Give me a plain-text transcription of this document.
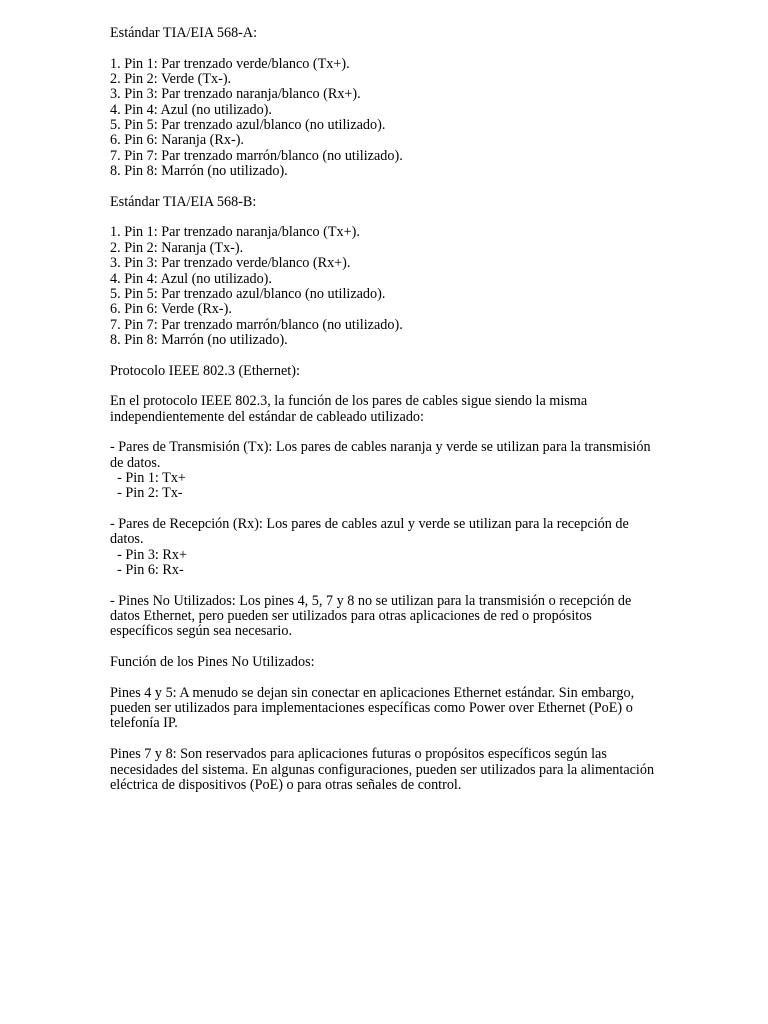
Estándar TIA/EIA 568-A:
1. Pin 1: Par trenzado verde/blanco (Tx+).
2. Pin 2: Verde (Tx-).
3. Pin 3: Par trenzado naranja/blanco (Rx+).
4. Pin 4: Azul (no utilizado).
5. Pin 5: Par trenzado azul/blanco (no utilizado).
6. Pin 6: Naranja (Rx-).
7. Pin 7: Par trenzado marrón/blanco (no utilizado).
8. Pin 8: Marrón (no utilizado).
Estándar TIA/EIA 568-B:
1. Pin 1: Par trenzado naranja/blanco (Tx+).
2. Pin 2: Naranja (Tx-).
3. Pin 3: Par trenzado verde/blanco (Rx+).
4. Pin 4: Azul (no utilizado).
5. Pin 5: Par trenzado azul/blanco (no utilizado).
6. Pin 6: Verde (Rx-).
7. Pin 7: Par trenzado marrón/blanco (no utilizado).
8. Pin 8: Marrón (no utilizado).
Protocolo IEEE 802.3 (Ethernet):
En el protocolo IEEE 802.3, la función de los pares de cables sigue siendo la misma
independientemente del estándar de cableado utilizado:
- Pares de Transmisión (Tx): Los pares de cables naranja y verde se utilizan para la transmisión
de datos.
- Pin 1: Tx+
- Pin 2: Tx-
- Pares de Recepción (Rx): Los pares de cables azul y verde se utilizan para la recepción de
datos.
- Pin 3: Rx+
- Pin 6: Rx-
- Pines No Utilizados: Los pines 4, 5, 7 y 8 no se utilizan para la transmisión o recepción de
datos Ethernet, pero pueden ser utilizados para otras aplicaciones de red o propósitos
específicos según sea necesario.
Función de los Pines No Utilizados:
Pines 4 y 5: A menudo se dejan sin conectar en aplicaciones Ethernet estándar. Sin embargo,
pueden ser utilizados para implementaciones específicas como Power over Ethernet (PoE) o
telefonía IP.
Pines 7 y 8: Son reservados para aplicaciones futuras o propósitos específicos según las
necesidades del sistema. En algunas configuraciones, pueden ser utilizados para la alimentación
eléctrica de dispositivos (PoE) o para otras señales de control.
